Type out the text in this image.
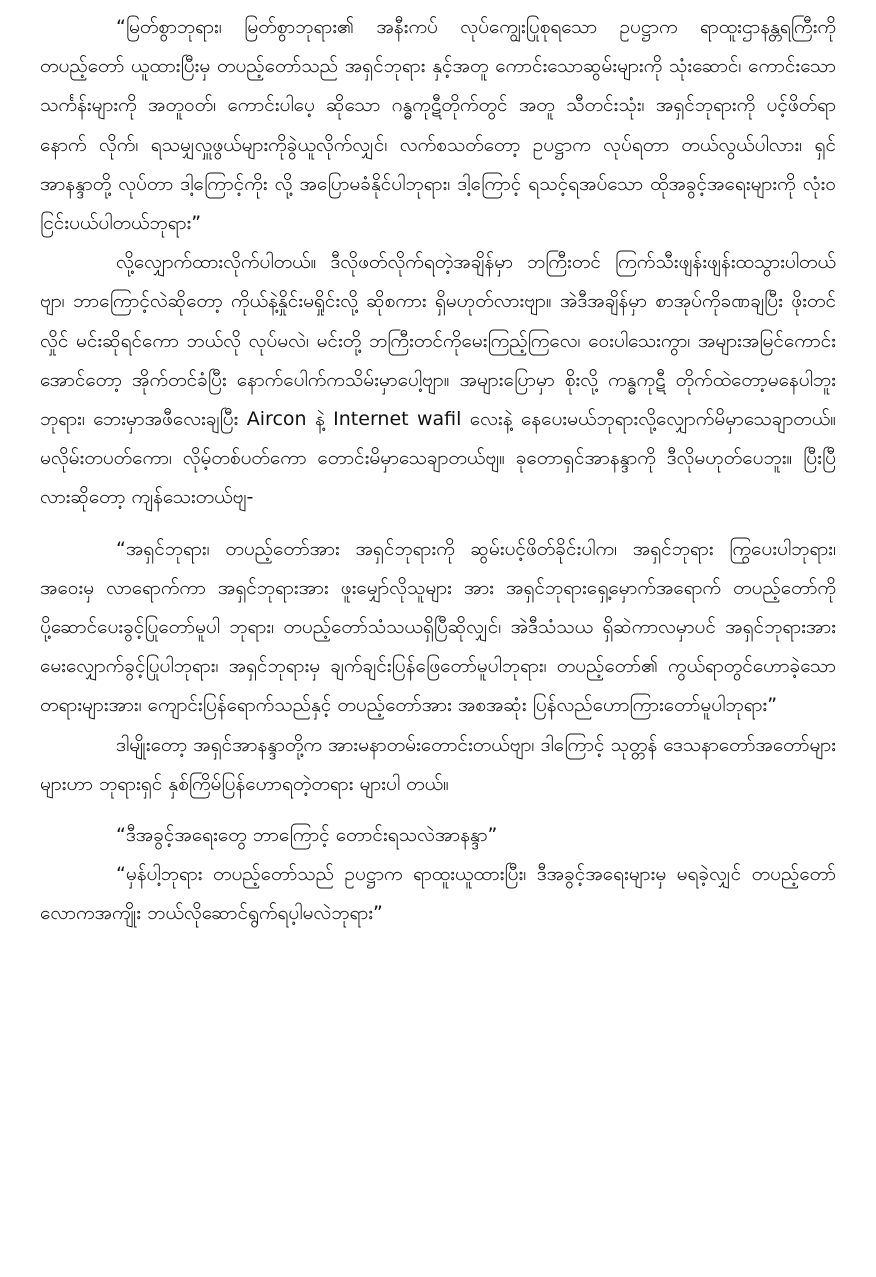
“မြတ်စွာဘုရား၊ မြတ်စွာဘုရား၏ အနီးကပ် လုပ်ကျွေးပြုစုရသော ဥပဋ္ဌာက ရာထူးဌာနန္တရကြီးကိုတပည့်တော် ယူထားပြီးမှ တပည့်တော်သည် အရှင်ဘုရား နှင့်အတူ ကောင်းသောဆွမ်းများကို သုံးဆောင်၊ ကောင်းသောသင်္ကန်းများကို အတူဝတ်၊ ကောင်းပါပေ့ ဆိုသော ဂန္ဓကုဋီတိုက်တွင် အတူ သီတင်းသုံး၊ အရှင်ဘုရားကို ပင့်ဖိတ်ရာ နောက် လိုက်၊ ရသမျှလှူဖွယ်များကိုခွဲယူလိုက်လျှင်၊ လက်စသတ်တော့ ဥပဋ္ဌာက လုပ်ရတာ တယ်လွယ်ပါလား၊ ရှင်အာနန္ဒာတို့ လုပ်တာ ဒါ့ကြောင့်ကိုး လို့ အပြောမခံနိုင်ပါဘုရား၊ ဒါ့ကြောင့် ရသင့်ရအပ်သော ထိုအခွင့်အရေးများကို လုံးဝ ငြင်းပယ်ပါတယ်ဘုရား”

လို့လျှောက်ထားလိုက်ပါတယ်။ ဒီလိုဖတ်လိုက်ရတဲ့အချိန်မှာ ဘကြီးတင် ကြက်သီးဖျန်းဖျန်းထသွားပါတယ်ဗျာ၊ ဘာကြောင့်လဲဆိုတော့ ကိုယ်နဲ့နှိုင်းမရှိုင်းလို့ ဆိုစကား ရှိမဟုတ်လားဗျာ။ အဲဒီအချိန်မှာ စာအုပ်ကိုခဏချပြီး ဖိုးတင်လှိုင် မင်းဆိုရင်ကော ဘယ်လို လုပ်မလဲ၊ မင်းတို့ ဘကြီးတင်ကိုမေးကြည့်ကြလေ၊ ဝေးပါသေးကွာ၊ အများအမြင်ကောင်း အောင်တော့ အိုက်တင်ခံပြီး နောက်ပေါက်ကသိမ်းမှာပေါ့ဗျာ။ အများပြောမှာ စိုးလို့ ကန္ဓကုဋီ တိုက်ထဲတော့မနေပါဘူးဘုရား၊ ဘေးမှာအဖီလေးချပြီး Aircon နဲ့ Internet wafil လေးနဲ့ နေပေးမယ်ဘုရားလို့လျှောက်မိမှာသေချာတယ်။ မလိုမ်းတပတ်ကော၊ လိုမ့်တစ်ပတ်ကော တောင်းမိမှာသေချာတယ်ဗျ။ ခုတောရှင်အာနန္ဒာကို ဒီလိုမဟုတ်ပေဘူး။ ပြီးပြီလားဆိုတော့ ကျန်သေးတယ်ဗျ-

“အရှင်ဘုရား၊ တပည့်တော်အား အရှင်ဘုရားကို ဆွမ်းပင့်ဖိတ်ခိုင်းပါက၊ အရှင်ဘုရား ကြွပေးပါဘုရား၊ အဝေးမှ လာရောက်ကာ အရှင်ဘုရားအား ဖူးမျှော်လိုသူများ အား အရှင်ဘုရားရှေ့မှောက်အရောက် တပည့်တော်ကိုပို့ဆောင်ပေးခွင့်ပြုတော်မူပါ ဘုရား၊ တပည့်တော်သံသယရှိပြီဆိုလျှင်၊ အဲဒီသံသယ ရှိဆဲကာလမှာပင် အရှင်ဘုရားအား မေးလျှောက်ခွင့်ပြုပါဘုရား၊ အရှင်ဘုရားမှ ချက်ချင်းပြန်ဖြေတော်မူပါဘုရား၊ တပည့်တော်၏ ကွယ်ရာတွင်ဟောခဲ့သောတရားများအား၊ ကျောင်းပြန်ရောက်သည်နှင့် တပည့်တော်အား အစအဆုံး ပြန်လည်ဟောကြားတော်မူပါဘုရား”

ဒါမျိုးတော့ အရှင်အာနန္ဒာတို့က အားမနာတမ်းတောင်းတယ်ဗျာ၊ ဒါကြောင့် သုတ္တန် ဒေသနာတော်အတော်များများဟာ ဘုရားရှင် နှစ်ကြိမ်ပြန်ဟောရတဲ့တရား များပါ တယ်။

“ဒီအခွင့်အရေးတွေ ဘာကြောင့် တောင်းရသလဲအာနန္ဒာ”

“မှန်ပါ့ဘုရား တပည့်တော်သည် ဥပဋ္ဌာက ရာထူးယူထားပြီး၊ ဒီအခွင့်အရေးများမှ မရခဲ့လျှင် တပည့်တော် လောကအကျိုး ဘယ်လိုဆောင်ရွက်ရပ့ါမလဲဘုရား”
